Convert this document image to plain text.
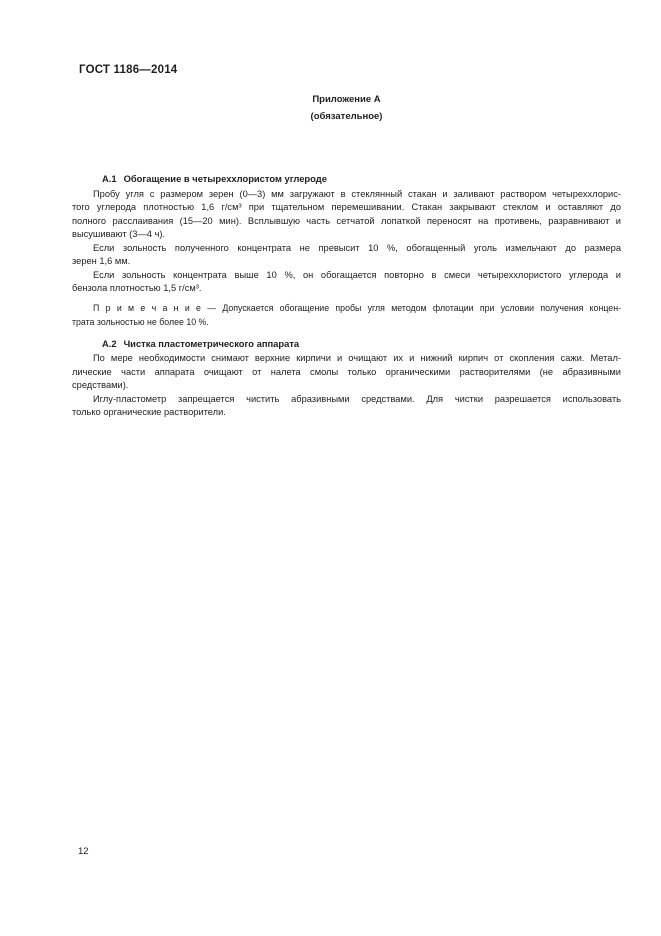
ГОСТ 1186—2014
Приложение А
(обязательное)
А.1 Обогащение в четыреххлористом углероде
Пробу угля с размером зерен (0—3) мм загружают в стеклянный стакан и заливают раствором четыреххлорис-
того углерода плотностью 1,6 г/см³ при тщательном перемешивании. Стакан закрывают стеклом и оставляют до
полного расслаивания (15—20 мин). Всплывшую часть сетчатой лопаткой переносят на противень, разравнивают и
высушивают (3—4 ч).
Если зольность полученного концентрата не превысит 10 %, обогащенный уголь измельчают до размера
зерен 1,6 мм.
Если зольность концентрата выше 10 %, он обогащается повторно в смеси четыреххлористого углерода и
бензола плотностью 1,5 г/см³.
П р и м е ч а н и е — Допускается обогащение пробы угля методом флотации при условии получения концен-
трата зольностью не более 10 %.
А.2 Чистка пластометрического аппарата
По мере необходимости снимают верхние кирпичи и очищают их и нижний кирпич от скопления сажи. Метал-
лические части аппарата очищают от налета смолы только органическими растворителями (не абразивными
средствами).
Иглу-пластометр запрещается чистить абразивными средствами. Для чистки разрешается использовать
только органические растворители.
12
